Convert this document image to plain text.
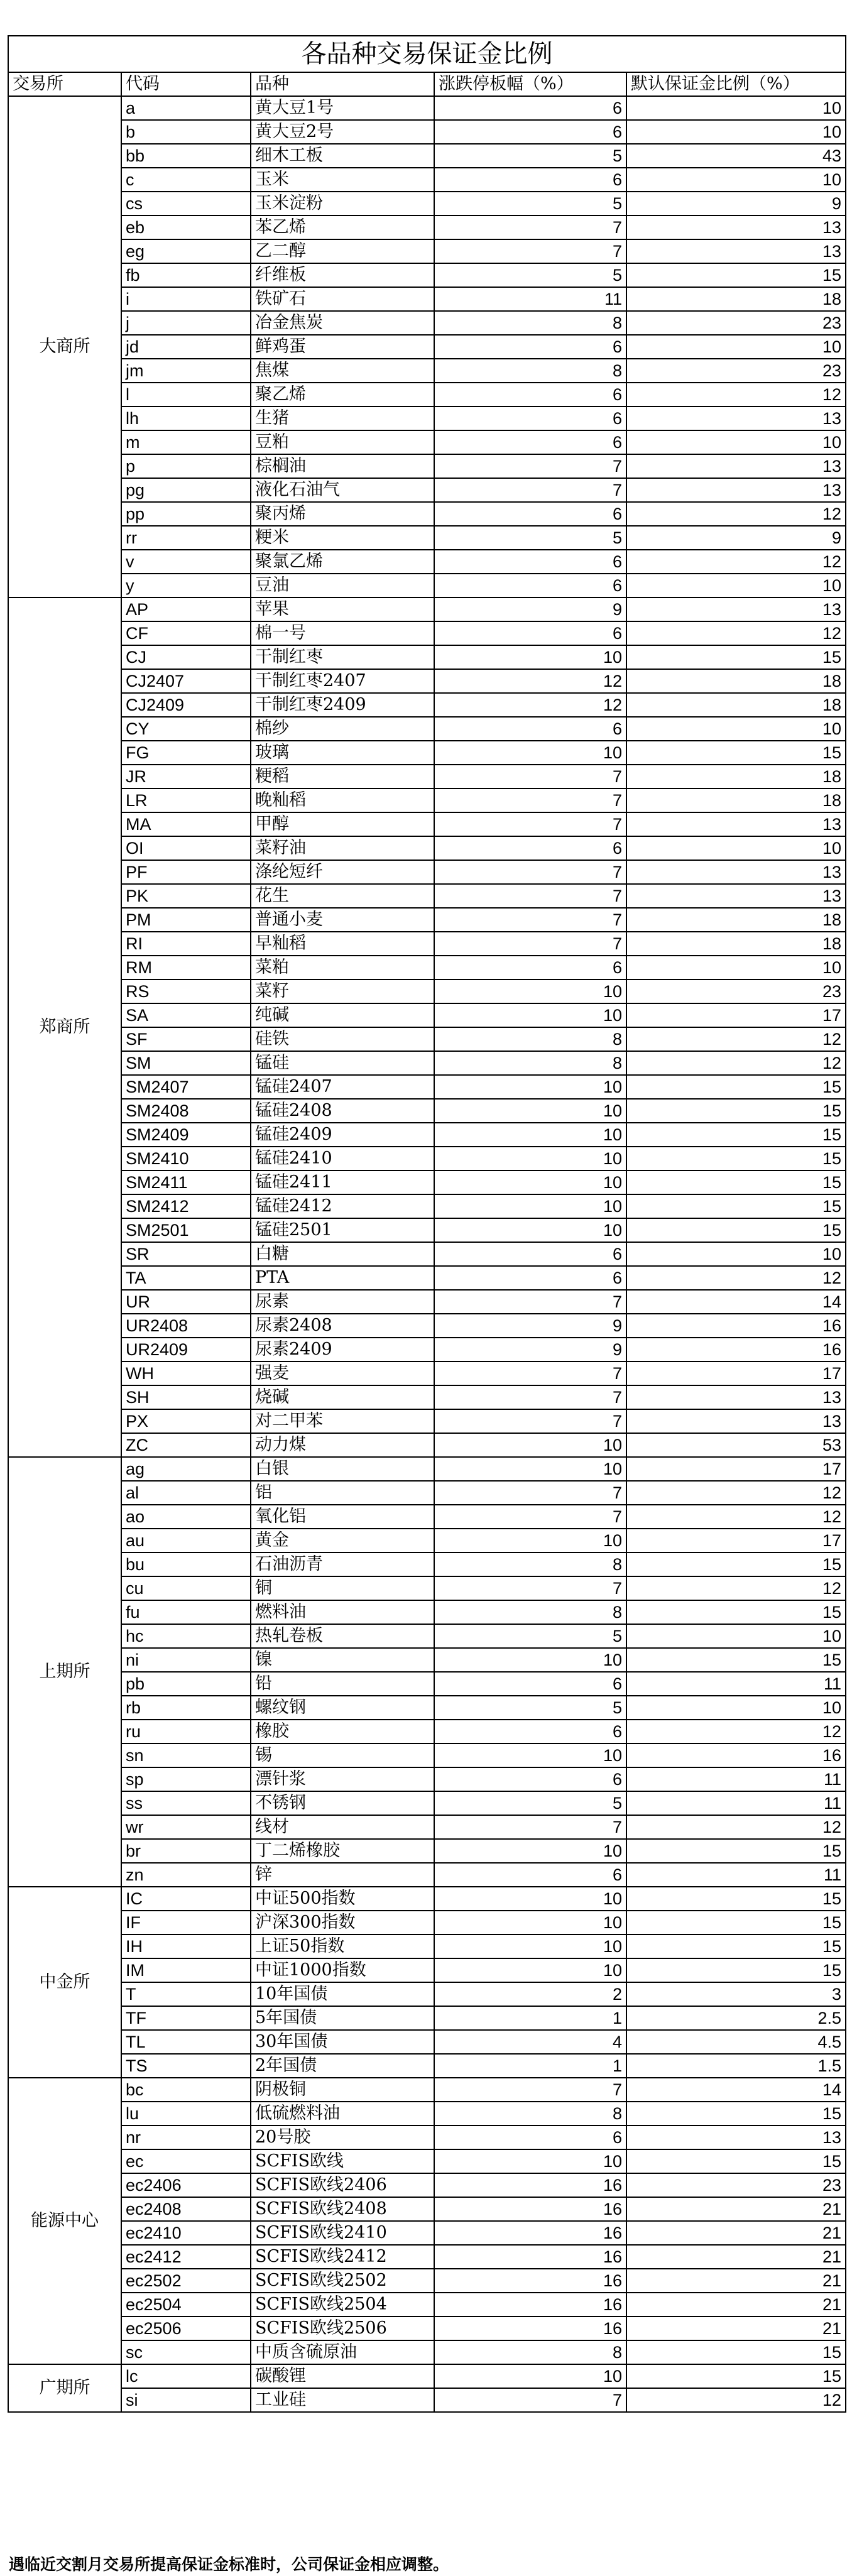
各品种交易保证金比例				
交易所	代码	品种	涨跌停板幅（%）	默认保证金比例（%）
大商所	a	黄大豆1号	6	10
	b	黄大豆2号	6	10
	bb	细木工板	5	43
	c	玉米	6	10
	cs	玉米淀粉	5	9
	eb	苯乙烯	7	13
	eg	乙二醇	7	13
	fb	纤维板	5	15
	i	铁矿石	11	18
	j	冶金焦炭	8	23
	jd	鲜鸡蛋	6	10
	jm	焦煤	8	23
	l	聚乙烯	6	12
	lh	生猪	6	13
	m	豆粕	6	10
	p	棕榈油	7	13
	pg	液化石油气	7	13
	pp	聚丙烯	6	12
	rr	粳米	5	9
	v	聚氯乙烯	6	12
	y	豆油	6	10
郑商所	AP	苹果	9	13
	CF	棉一号	6	12
	CJ	干制红枣	10	15
	CJ2407	干制红枣2407	12	18
	CJ2409	干制红枣2409	12	18
	CY	棉纱	6	10
	FG	玻璃	10	15
	JR	粳稻	7	18
	LR	晚籼稻	7	18
	MA	甲醇	7	13
	OI	菜籽油	6	10
	PF	涤纶短纤	7	13
	PK	花生	7	13
	PM	普通小麦	7	18
	RI	早籼稻	7	18
	RM	菜粕	6	10
	RS	菜籽	10	23
	SA	纯碱	10	17
	SF	硅铁	8	12
	SM	锰硅	8	12
	SM2407	锰硅2407	10	15
	SM2408	锰硅2408	10	15
	SM2409	锰硅2409	10	15
	SM2410	锰硅2410	10	15
	SM2411	锰硅2411	10	15
	SM2412	锰硅2412	10	15
	SM2501	锰硅2501	10	15
	SR	白糖	6	10
	TA	PTA	6	12
	UR	尿素	7	14
	UR2408	尿素2408	9	16
	UR2409	尿素2409	9	16
	WH	强麦	7	17
	SH	烧碱	7	13
	PX	对二甲苯	7	13
	ZC	动力煤	10	53
上期所	ag	白银	10	17
	al	铝	7	12
	ao	氧化铝	7	12
	au	黄金	10	17
	bu	石油沥青	8	15
	cu	铜	7	12
	fu	燃料油	8	15
	hc	热轧卷板	5	10
	ni	镍	10	15
	pb	铅	6	11
	rb	螺纹钢	5	10
	ru	橡胶	6	12
	sn	锡	10	16
	sp	漂针浆	6	11
	ss	不锈钢	5	11
	wr	线材	7	12
	br	丁二烯橡胶	10	15
	zn	锌	6	11
中金所	IC	中证500指数	10	15
	IF	沪深300指数	10	15
	IH	上证50指数	10	15
	IM	中证1000指数	10	15
	T	10年国债	2	3
	TF	5年国债	1	2.5
	TL	30年国债	4	4.5
	TS	2年国债	1	1.5
能源中心	bc	阴极铜	7	14
	lu	低硫燃料油	8	15
	nr	20号胶	6	13
	ec	SCFIS欧线	10	15
	ec2406	SCFIS欧线2406	16	23
	ec2408	SCFIS欧线2408	16	21
	ec2410	SCFIS欧线2410	16	21
	ec2412	SCFIS欧线2412	16	21
	ec2502	SCFIS欧线2502	16	21
	ec2504	SCFIS欧线2504	16	21
	ec2506	SCFIS欧线2506	16	21
	sc	中质含硫原油	8	15
广期所	lc	碳酸锂	10	15
	si	工业硅	7	12
遇临近交割月交易所提高保证金标准时，公司保证金相应调整。
